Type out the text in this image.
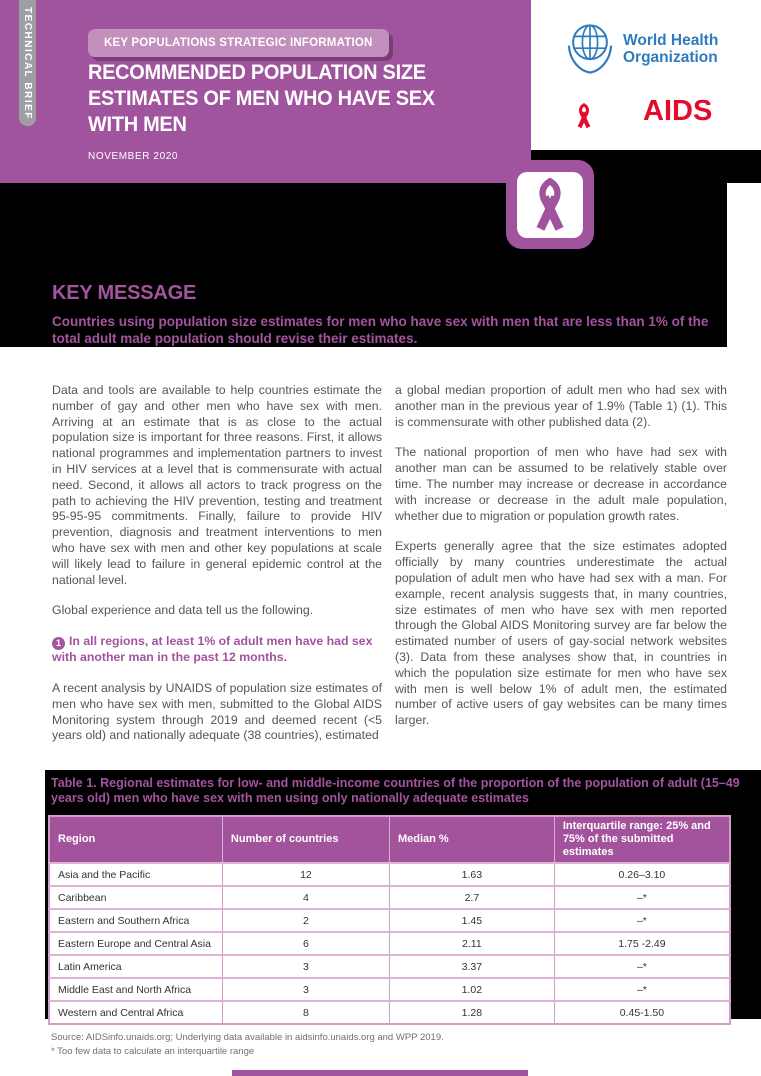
KEY POPULATIONS STRATEGIC INFORMATION
RECOMMENDED POPULATION SIZE ESTIMATES OF MEN WHO HAVE SEX WITH MEN
NOVEMBER 2020
TECHNICAL BRIEF	World Health
Organization
AIDS
KEY MESSAGE

Countries using population size estimates for men who have sex with men that are less than 1% of the total adult male population should revise their estimates.

Data and tools are available to help countries estimate the number of gay and other men who have sex with men. Arriving at an estimate that is as close to the actual population size is important for three reasons. First, it allows national programmes and implementation partners to invest in HIV services at a level that is commensurate with actual need. Second, it allows all actors to track progress on the path to achieving the HIV prevention, testing and treatment 95-95-95 commitments. Finally, failure to provide HIV prevention, diagnosis and treatment interventions to men who have sex with men and other key populations at scale will likely lead to failure in general epidemic control at the national level.

Global experience and data tell us the following.

1 In all regions, at least 1% of adult men have had sex with another man in the past 12 months.

A recent analysis by UNAIDS of population size estimates of men who have sex with men, submitted to the Global AIDS Monitoring system through 2019 and deemed recent (<5 years old) and nationally adequate (38 countries), estimated

a global median proportion of adult men who had sex with another man in the previous year of 1.9% (Table 1) (1). This is commensurate with other published data (2).

The national proportion of men who have had sex with another man can be assumed to be relatively stable over time. The number may increase or decrease in accordance with increase or decrease in the adult male population, whether due to migration or population growth rates.

Experts generally agree that the size estimates adopted officially by many countries underestimate the actual population of adult men who have had sex with a man. For example, recent analysis suggests that, in many countries, size estimates of men who have sex with men reported through the Global AIDS Monitoring survey are far below the estimated number of users of gay-social network websites (3). Data from these analyses show that, in countries in which the population size estimate for men who have sex with men is well below 1% of adult men, the estimated number of active users of gay websites can be many times larger.

Table 1. Regional estimates for low- and middle-income countries of the proportion of the population of adult (15–49 years old) men who have sex with men using only nationally adequate estimates

Region	Number of countries	Median %	Interquartile range: 25% and 75% of the submitted estimates
Asia and the Pacific	12	1.63	0.26–3.10
Caribbean	4	2.7	–*
Eastern and Southern Africa	2	1.45	–*
Eastern Europe and Central Asia	6	2.11	1.75 -2.49
Latin America	3	3.37	–*
Middle East and North Africa	3	1.02	–*
Western and Central Africa	8	1.28	0.45-1.50

Source: AIDSinfo.unaids.org; Underlying data available in aidsinfo.unaids.org and WPP 2019.

* Too few data to calculate an interquartile range
